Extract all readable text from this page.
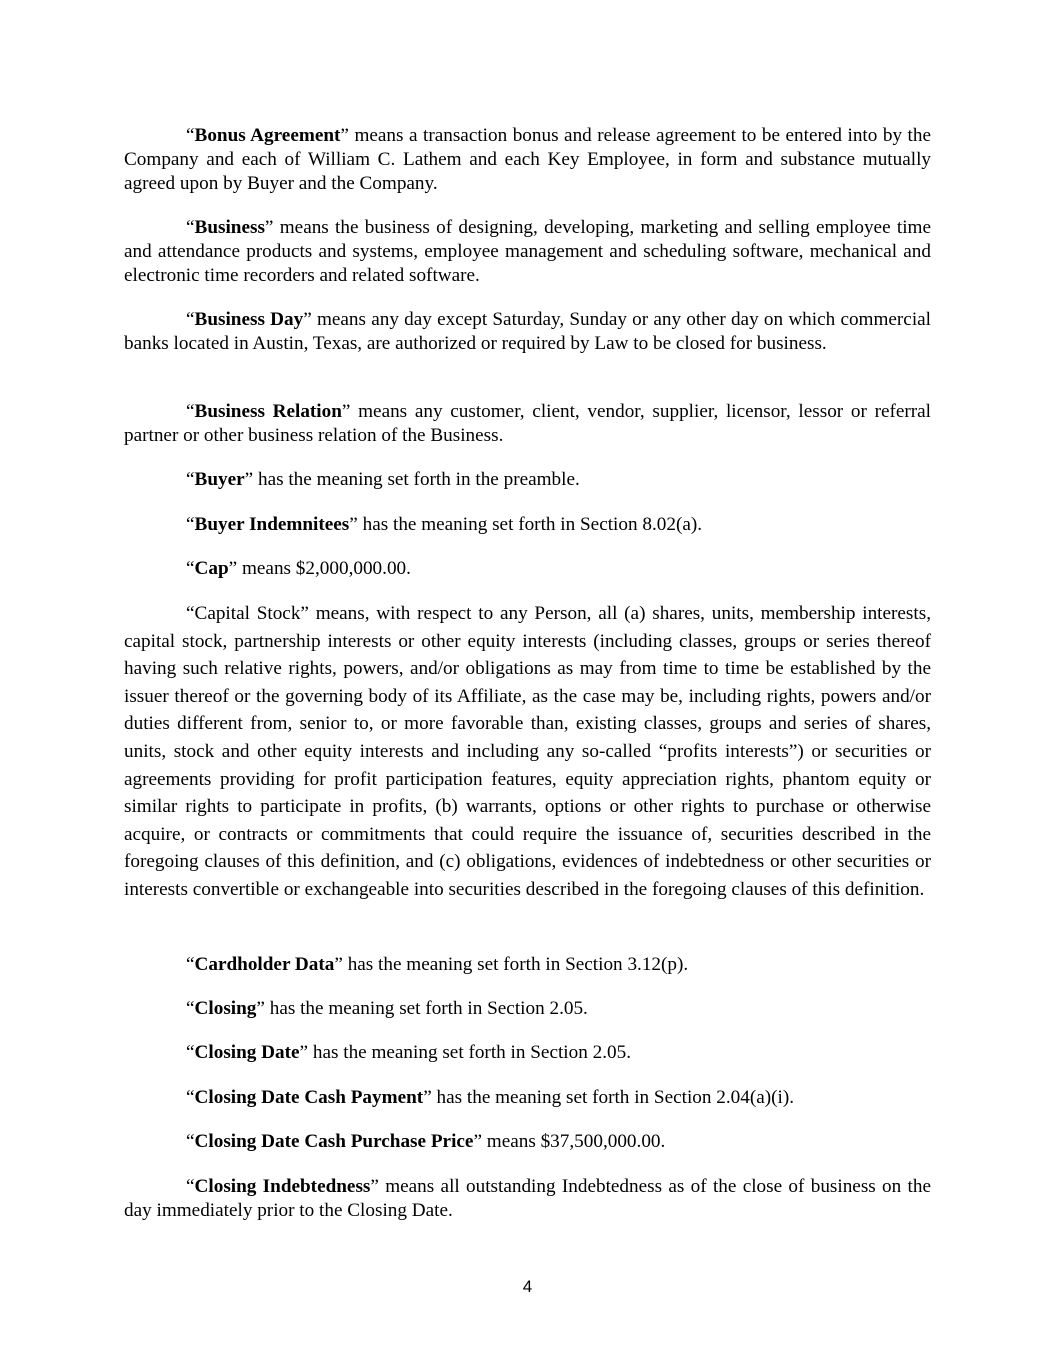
“Bonus Agreement” means a transaction bonus and release agreement to be entered into by the Company and each of William C. Lathem and each Key Employee, in form and substance mutually agreed upon by Buyer and the Company.

“Business” means the business of designing, developing, marketing and selling employee time and attendance products and systems, employee management and scheduling software, mechanical and electronic time recorders and related software.

“Business Day” means any day except Saturday, Sunday or any other day on which commercial banks located in Austin, Texas, are authorized or required by Law to be closed for business.

“Business Relation” means any customer, client, vendor, supplier, licensor, lessor or referral partner or other business relation of the Business.

“Buyer” has the meaning set forth in the preamble.

“Buyer Indemnitees” has the meaning set forth in Section 8.02(a).

“Cap” means $2,000,000.00.

“Capital Stock” means, with respect to any Person, all (a) shares, units, membership interests, capital stock, partnership interests or other equity interests (including classes, groups or series thereof having such relative rights, powers, and/or obligations as may from time to time be established by the issuer thereof or the governing body of its Affiliate, as the case may be, including rights, powers and/or duties different from, senior to, or more favorable than, existing classes, groups and series of shares, units, stock and other equity interests and including any so-called “profits interests”) or securities or agreements providing for profit participation features, equity appreciation rights, phantom equity or similar rights to participate in profits, (b) warrants, options or other rights to purchase or otherwise acquire, or contracts or commitments that could require the issuance of, securities described in the foregoing clauses of this definition, and (c) obligations, evidences of indebtedness or other securities or interests convertible or exchangeable into securities described in the foregoing clauses of this definition.

“Cardholder Data” has the meaning set forth in Section 3.12(p).

“Closing” has the meaning set forth in Section 2.05.

“Closing Date” has the meaning set forth in Section 2.05.

“Closing Date Cash Payment” has the meaning set forth in Section 2.04(a)(i).

“Closing Date Cash Purchase Price” means $37,500,000.00.

“Closing Indebtedness” means all outstanding Indebtedness as of the close of business on the day immediately prior to the Closing Date.

4
